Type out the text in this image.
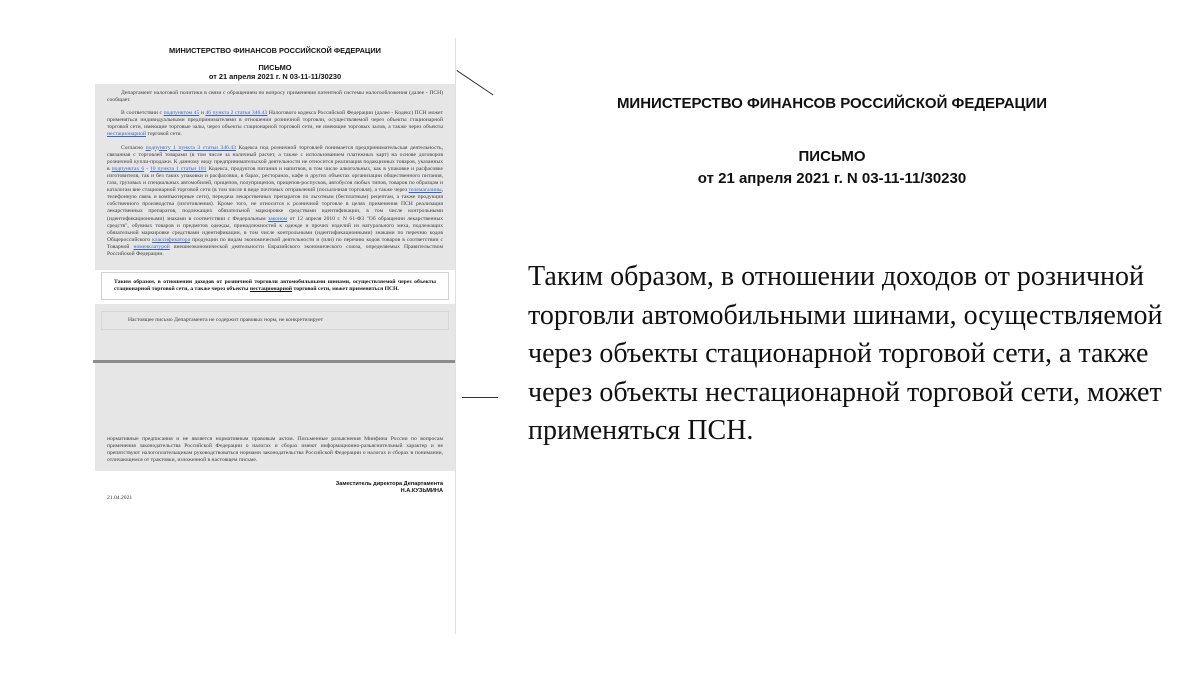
МИНИСТЕРСТВО ФИНАНСОВ РОССИЙСКОЙ ФЕДЕРАЦИИ
ПИСЬМО
от 21 апреля 2021 г. N 03-11-11/30230
Департамент налоговой политики в связи с обращением по вопросу применения патентной системы налогообложения (далее - ПСН) сообщает.
В соответствии с подпунктом 45 и 46 пункта 2 статьи 346.43 Налогового кодекса Российской Федерации (далее - Кодекс) ПСН может применяться индивидуальными предпринимателями в отношении розничной торговли, осуществляемой через объекты стационарной торговой сети, имеющие торговые залы, через объекты стационарной торговой сети, не имеющие торговых залов, а также через объекты нестационарной торговой сети.
Согласно подпункту 1 пункта 3 статьи 346.43 Кодекса под розничной торговлей понимается предпринимательская деятельность, связанная с торговлей товарами (в том числе за наличный расчет, а также с использованием платежных карт) на основе договоров розничной купли-продажи. К данному виду предпринимательской деятельности не относится реализация подакцизных товаров, указанных в подпунктах 6 - 10 пункта 1 статьи 181 Кодекса, продуктов питания и напитков, в том числе алкогольных, как в упаковке и расфасовке изготовителя, так и без таких упаковки и расфасовки, в барах, ресторанах, кафе и других объектах организации общественного питания, газа, грузовых и специальных автомобилей, прицепов, полуприцепов, прицепов-роспусков, автобусов любых типов, товаров по образцам и каталогам вне стационарной торговой сети (в том числе в виде почтовых отправлений (посылочная торговля), а также через телемагазины, телефонную связь и компьютерные сети), передача лекарственных препаратов по льготным (бесплатным) рецептам, а также продукция собственного производства (изготовления). Кроме того, не относится к розничной торговле в целях применения ПСН реализация лекарственных препаратов, подлежащих обязательной маркировке средствами идентификации, в том числе контрольными (идентификационными) знаками в соответствии с Федеральным законом от 12 апреля 2010 г. N 61-ФЗ "Об обращении лекарственных средств", обувных товаров и предметов одежды, принадлежностей к одежде и прочих изделий из натурального меха, подлежащих обязательной маркировке средствами идентификации, в том числе контрольными (идентификационными) знаками по перечню кодов Общероссийского классификатора продукции по видам экономической деятельности и (или) по перечню кодов товаров в соответствии с Товарной номенклатурой внешнеэкономической деятельности Евразийского экономического союза, определяемых Правительством Российской Федерации.
Таким образом, в отношении доходов от розничной торговли автомобильными шинами, осуществляемой через объекты стационарной торговой сети, а также через объекты нестационарной торговой сети, может применяться ПСН.
Настоящее письмо Департамента не содержит правовых норм, не конкретизирует
нормативные предписания и не является нормативным правовым актом. Письменные разъяснения Минфина России по вопросам применения законодательства Российской Федерации о налогах и сборах имеют информационно-разъяснительный характер и не препятствуют налогоплательщикам руководствоваться нормами законодательства Российской Федерации о налогах и сборах в понимании, отличающемся от трактовки, изложенной в настоящем письме.
Заместитель директора Департамента
Н.А.КУЗЬМИНА
21.04.2021
МИНИСТЕРСТВО ФИНАНСОВ РОССИЙСКОЙ ФЕДЕРАЦИИ
ПИСЬМО
от 21 апреля 2021 г. N 03-11-11/30230
Таким образом, в отношении доходов от розничной торговли автомобильными шинами, осуществляемой через объекты стационарной торговой сети, а также через объекты нестационарной торговой сети, может применяться ПСН.
